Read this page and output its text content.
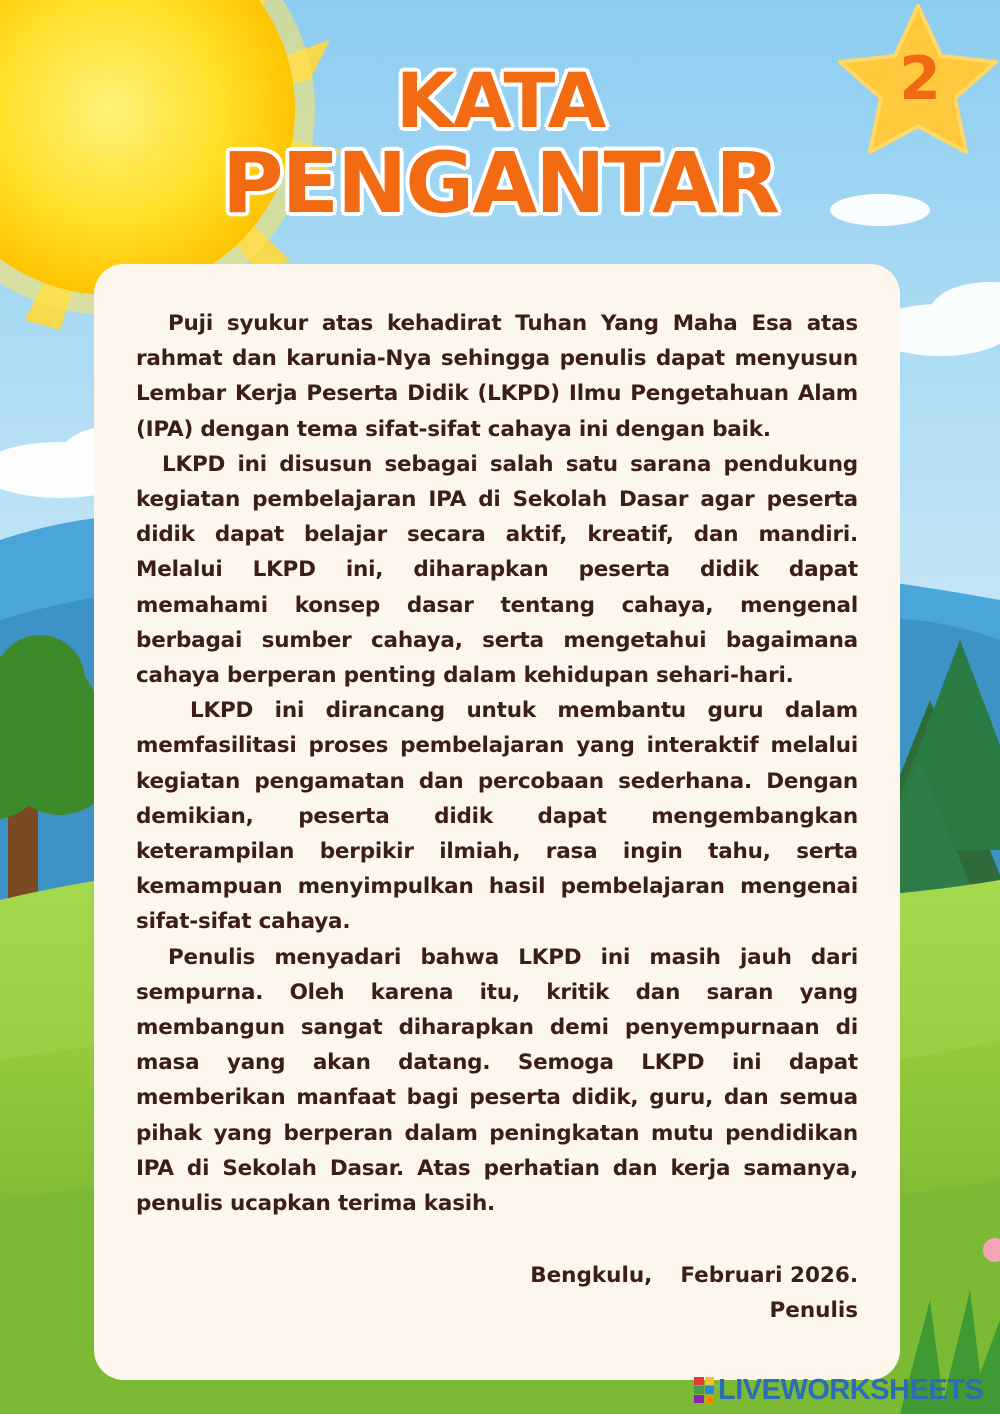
2
KATA
PENGANTAR

Puji syukur atas kehadirat Tuhan Yang Maha Esa atas rahmat dan karunia-Nya sehingga penulis dapat menyusun Lembar Kerja Peserta Didik (LKPD) Ilmu Pengetahuan Alam (IPA) dengan tema sifat-sifat cahaya ini dengan baik.

LKPD ini disusun sebagai salah satu sarana pendukung kegiatan pembelajaran IPA di Sekolah Dasar agar peserta didik dapat belajar secara aktif, kreatif, dan mandiri. Melalui LKPD ini, diharapkan peserta didik dapat memahami konsep dasar tentang cahaya, mengenal berbagai sumber cahaya, serta mengetahui bagaimana cahaya berperan penting dalam kehidupan sehari-hari.

LKPD ini dirancang untuk membantu guru dalam memfasilitasi proses pembelajaran yang interaktif melalui kegiatan pengamatan dan percobaan sederhana. Dengan demikian, peserta didik dapat mengembangkan keterampilan berpikir ilmiah, rasa ingin tahu, serta kemampuan menyimpulkan hasil pembelajaran mengenai sifat-sifat cahaya.

Penulis menyadari bahwa LKPD ini masih jauh dari sempurna. Oleh karena itu, kritik dan saran yang membangun sangat diharapkan demi penyempurnaan di masa yang akan datang. Semoga LKPD ini dapat memberikan manfaat bagi peserta didik, guru, dan semua pihak yang berperan dalam peningkatan mutu pendidikan IPA di Sekolah Dasar. Atas perhatian dan kerja samanya, penulis ucapkan terima kasih.

Bengkulu, Februari 2026.
Penulis
LIVEWORKSHEETS
